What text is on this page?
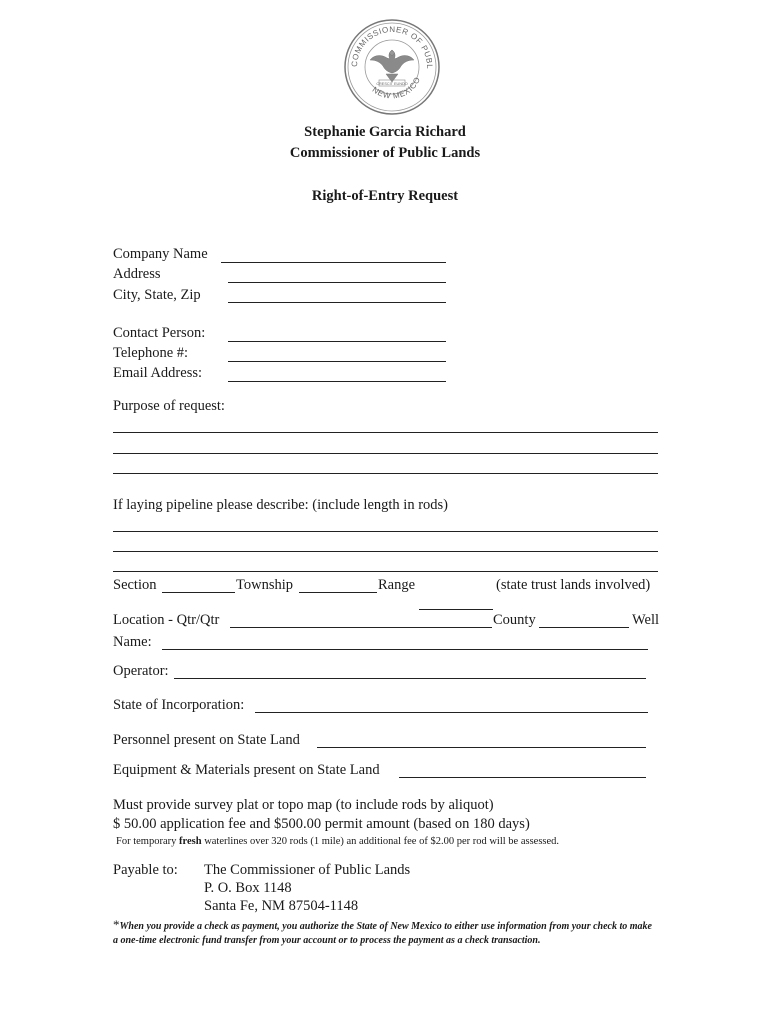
COMMISSIONER OF PUBL
NEW MEXICO
CRESCIT EUNDO
Stephanie Garcia Richard
Commissioner of Public Lands
Right-of-Entry Request
Company Name
Address
City, State, Zip
Contact Person:
Telephone #:
Email Address:
Purpose of request:
If laying pipeline please describe: (include length in rods)
Section	Township	Range	(state trust lands involved)
Location - Qtr/Qtr	County	Well
Name:
Operator:
State of Incorporation:
Personnel present on State Land
Equipment & Materials present on State Land
Must provide survey plat or topo map (to include rods by aliquot)
$ 50.00 application fee and $500.00 permit amount (based on 180 days)
For temporary fresh waterlines over 320 rods (1 mile) an additional fee of $2.00 per rod will be assessed.
Payable to: The Commissioner of Public Lands
P. O. Box 1148
Santa Fe, NM 87504-1148
*When you provide a check as payment, you authorize the State of New Mexico to either use information from your check to make a one-time electronic fund transfer from your account or to process the payment as a check transaction.
